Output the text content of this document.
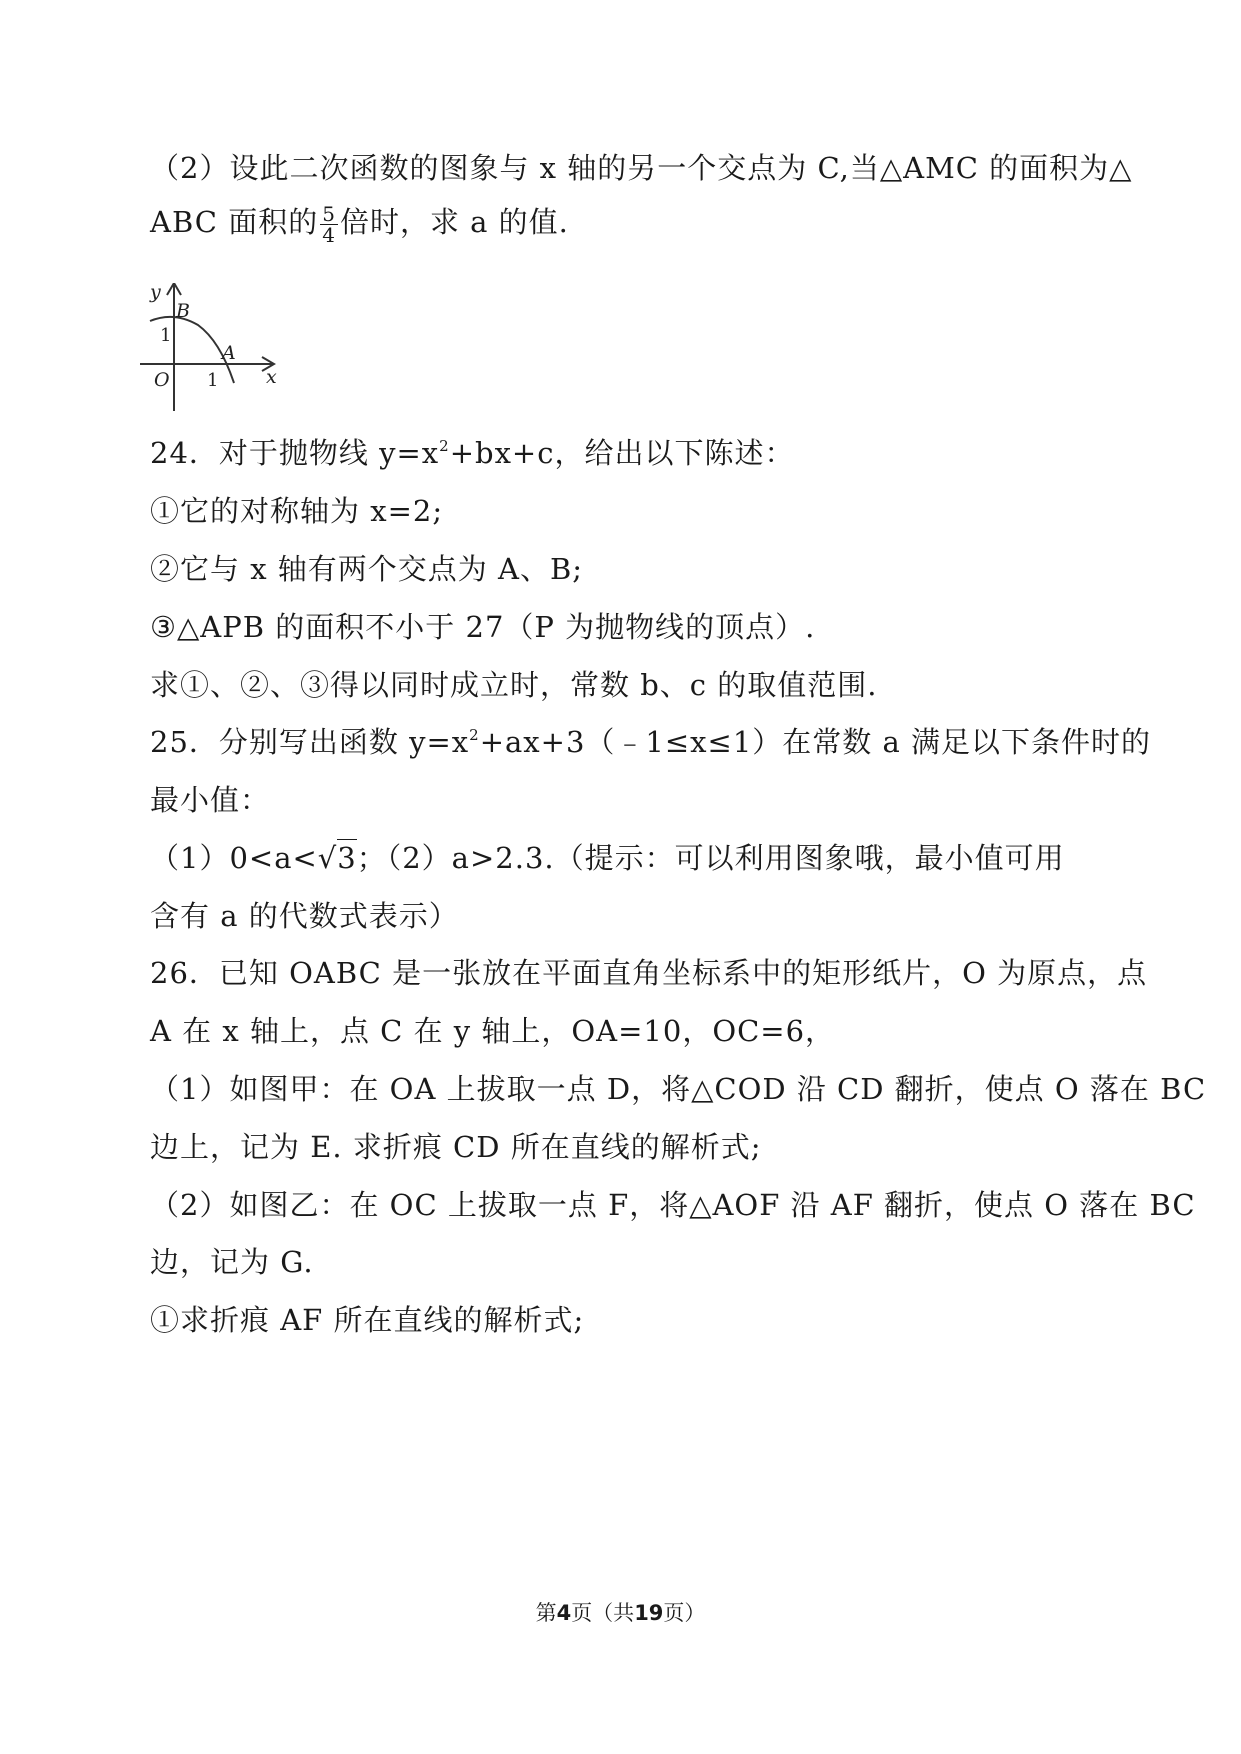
（2）设此二次函数的图象与 x 轴的另一个交点为 C,当△AMC 的面积为△
ABC 面积的 $\frac{5}{4}$ 倍时，求 a 的值.
y
x
O
B
A
1
1
24．对于抛物线 $y=x^2+bx+c$，给出以下陈述：
①它的对称轴为 x=2;
②它与 x 轴有两个交点为 A、B;
③△APB 的面积不小于 27（P 为抛物线的顶点）.
求①、②、③得以同时成立时，常数 b、c 的取值范围.
25．分别写出函数 $y=x^2+ax+3(﹣1\le x\le 1)$在常数 a 满足以下条件时的
最小值：
（1）0<a<√3；（2）a>2.3.（提示：可以利用图象哦，最小值可用
含有 a 的代数式表示）
26．已知 OABC 是一张放在平面直角坐标系中的矩形纸片，O 为原点，点
A 在 x 轴上，点 C 在 y 轴上，OA=10，OC=6，
（1）如图甲：在 OA 上拔取一点 D，将△COD 沿 CD 翻折，使点 O 落在 BC
边上，记为 E. 求折痕 CD 所在直线的解析式;
（2）如图乙：在 OC 上拔取一点 F，将△AOF 沿 AF 翻折，使点 O 落在 BC
边，记为 G.
①求折痕 AF 所在直线的解析式;
第4页（共19页）
